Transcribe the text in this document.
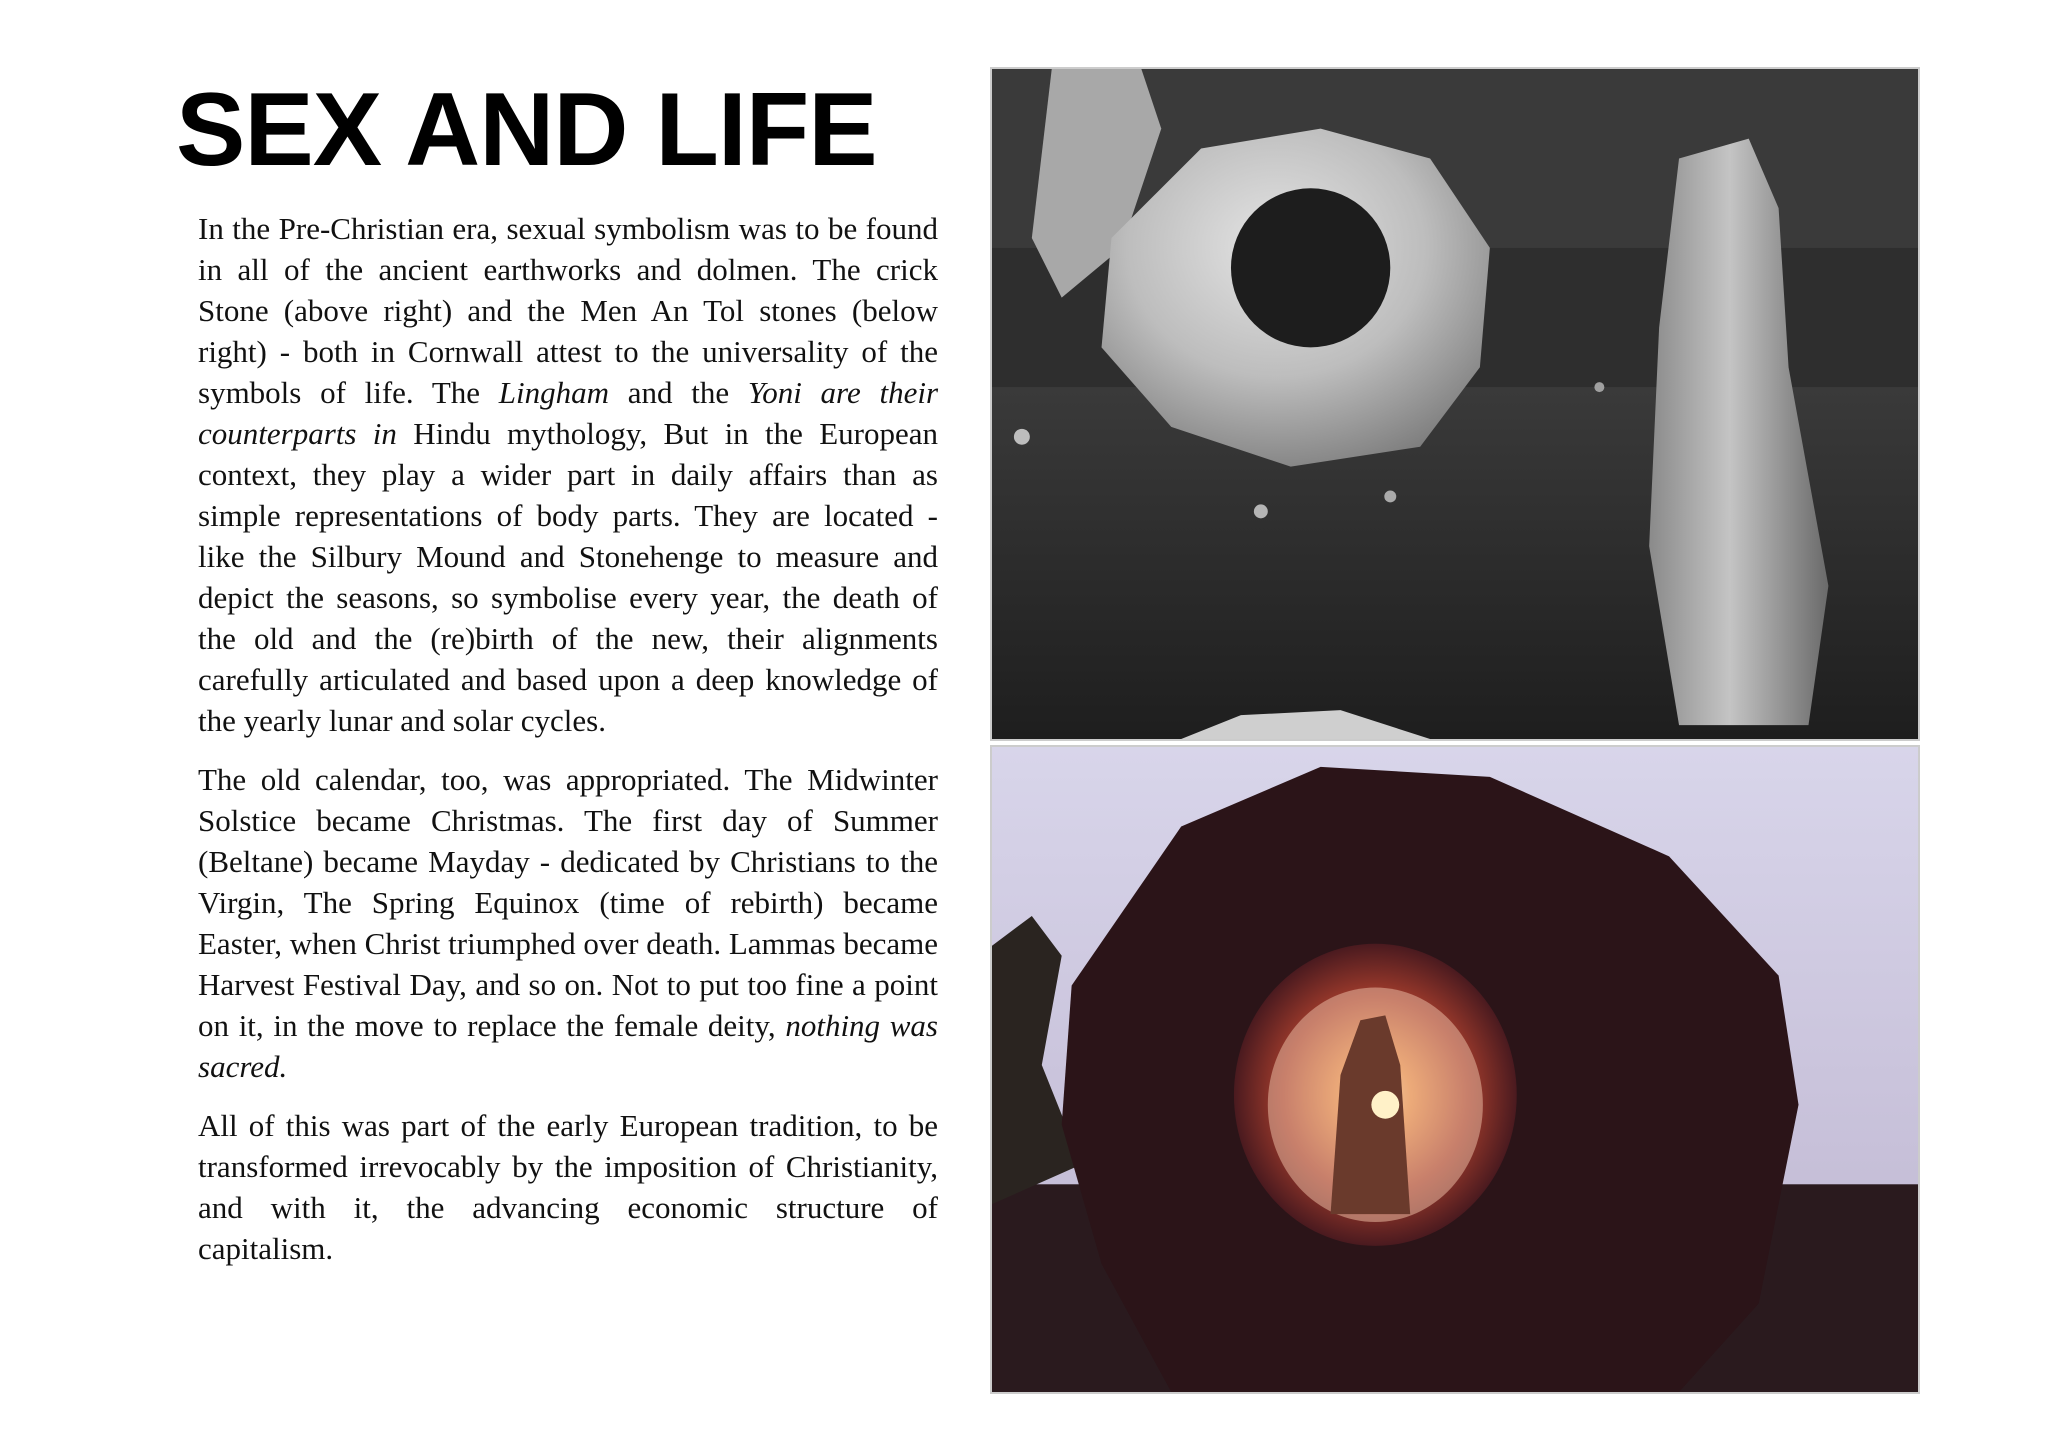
SEX AND LIFE

In the Pre-Christian era, sexual symbolism was to be found in all of the ancient earthworks and dolmen. The crick Stone (above right) and the Men An Tol stones (below right) - both in Cornwall attest to the universality of the symbols of life. The Lingham and the Yoni are their counterparts in Hindu mythology, But in the European context, they play a wider part in daily affairs than as simple representations of body parts. They are located - like the Silbury Mound and Stonehenge to measure and depict the seasons, so symbolise every year, the death of the old and the (re)birth of the new, their alignments carefully articulated and based upon a deep knowledge of the yearly lunar and solar cycles.

The old calendar, too, was appropriated. The Midwinter Solstice became Christmas. The first day of Summer (Beltane) became Mayday - dedicated by Christians to the Virgin, The Spring Equinox (time of rebirth) became Easter, when Christ triumphed over death. Lammas became Harvest Festival Day, and so on. Not to put too fine a point on it, in the move to replace the female deity, nothing was sacred.

All of this was part of the early European tradition, to be transformed irrevocably by the imposition of Christianity, and with it, the advancing economic structure of capitalism.
